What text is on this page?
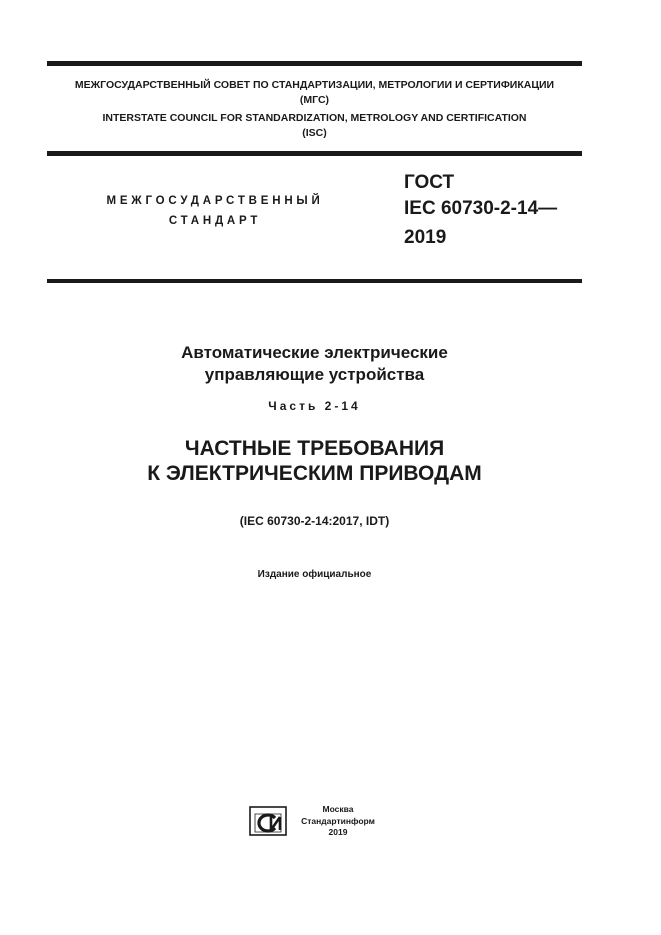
МЕЖГОСУДАРСТВЕННЫЙ СОВЕТ ПО СТАНДАРТИЗАЦИИ, МЕТРОЛОГИИ И СЕРТИФИКАЦИИ
(МГС)
INTERSTATE COUNCIL FOR STANDARDIZATION, METROLOGY AND CERTIFICATION
(ISC)
МЕЖГОСУДАРСТВЕННЫЙ
СТАНДАРТ
ГОСТ
IEC 60730-2-14—
2019
Автоматические электрические
управляющие устройства
Часть 2-14
ЧАСТНЫЕ ТРЕБОВАНИЯ
К ЭЛЕКТРИЧЕСКИМ ПРИВОДАМ
(IEC 60730-2-14:2017, IDT)
Издание официальное
Москва
Стандартинформ
2019
